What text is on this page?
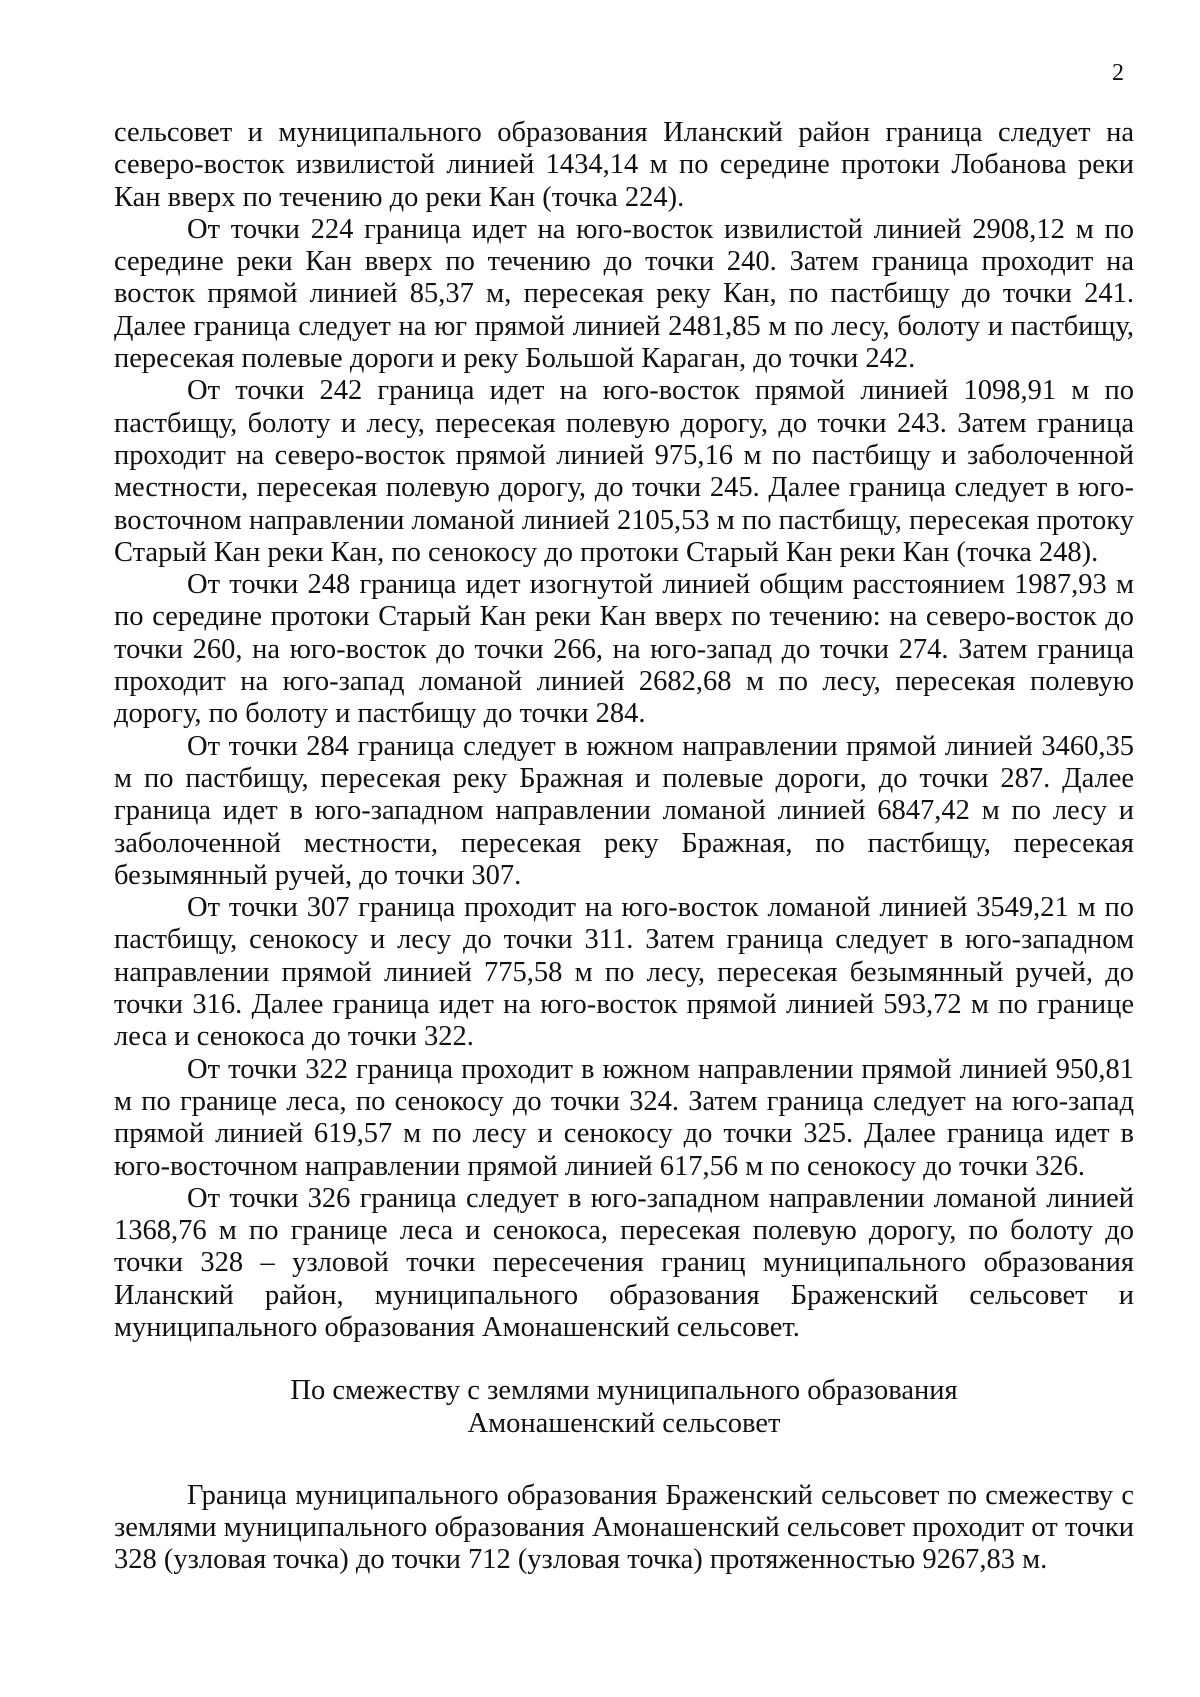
2

сельсовет и муниципального образования Иланский район граница следует на северо-восток извилистой линией 1434,14 м по середине протоки Лобанова реки Кан вверх по течению до реки Кан (точка 224).

От точки 224 граница идет на юго-восток извилистой линией 2908,12 м по середине реки Кан вверх по течению до точки 240. Затем граница проходит на восток прямой линией 85,37 м, пересекая реку Кан, по пастбищу до точки 241. Далее граница следует на юг прямой линией 2481,85 м по лесу, болоту и пастбищу, пересекая полевые дороги и реку Большой Караган, до точки 242.

От точки 242 граница идет на юго-восток прямой линией 1098,91 м по пастбищу, болоту и лесу, пересекая полевую дорогу, до точки 243. Затем граница проходит на северо-восток прямой линией 975,16 м по пастбищу и заболоченной местности, пересекая полевую дорогу, до точки 245. Далее граница следует в юго-восточном направлении ломаной линией 2105,53 м по пастбищу, пересекая протоку Старый Кан реки Кан, по сенокосу до протоки Старый Кан реки Кан (точка 248).

От точки 248 граница идет изогнутой линией общим расстоянием 1987,93 м по середине протоки Старый Кан реки Кан вверх по течению: на северо-восток до точки 260, на юго-восток до точки 266, на юго-запад до точки 274. Затем граница проходит на юго-запад ломаной линией 2682,68 м по лесу, пересекая полевую дорогу, по болоту и пастбищу до точки 284.

От точки 284 граница следует в южном направлении прямой линией 3460,35 м по пастбищу, пересекая реку Бражная и полевые дороги, до точки 287. Далее граница идет в юго-западном направлении ломаной линией 6847,42 м по лесу и заболоченной местности, пересекая реку Бражная, по пастбищу, пересекая безымянный ручей, до точки 307.

От точки 307 граница проходит на юго-восток ломаной линией 3549,21 м по пастбищу, сенокосу и лесу до точки 311. Затем граница следует в юго-западном направлении прямой линией 775,58 м по лесу, пересекая безымянный ручей, до точки 316. Далее граница идет на юго-восток прямой линией 593,72 м по границе леса и сенокоса до точки 322.

От точки 322 граница проходит в южном направлении прямой линией 950,81 м по границе леса, по сенокосу до точки 324. Затем граница следует на юго-запад прямой линией 619,57 м по лесу и сенокосу до точки 325. Далее граница идет в юго-восточном направлении прямой линией 617,56 м по сенокосу до точки 326.

От точки 326 граница следует в юго-западном направлении ломаной линией 1368,76 м по границе леса и сенокоса, пересекая полевую дорогу, по болоту до точки 328 – узловой точки пересечения границ муниципального образования Иланский район, муниципального образования Браженский сельсовет и муниципального образования Амонашенский сельсовет.

По смежеству с землями муниципального образования
Амонашенский сельсовет

Граница муниципального образования Браженский сельсовет по смежеству с землями муниципального образования Амонашенский сельсовет проходит от точки 328 (узловая точка) до точки 712 (узловая точка) протяженностью 9267,83 м.
